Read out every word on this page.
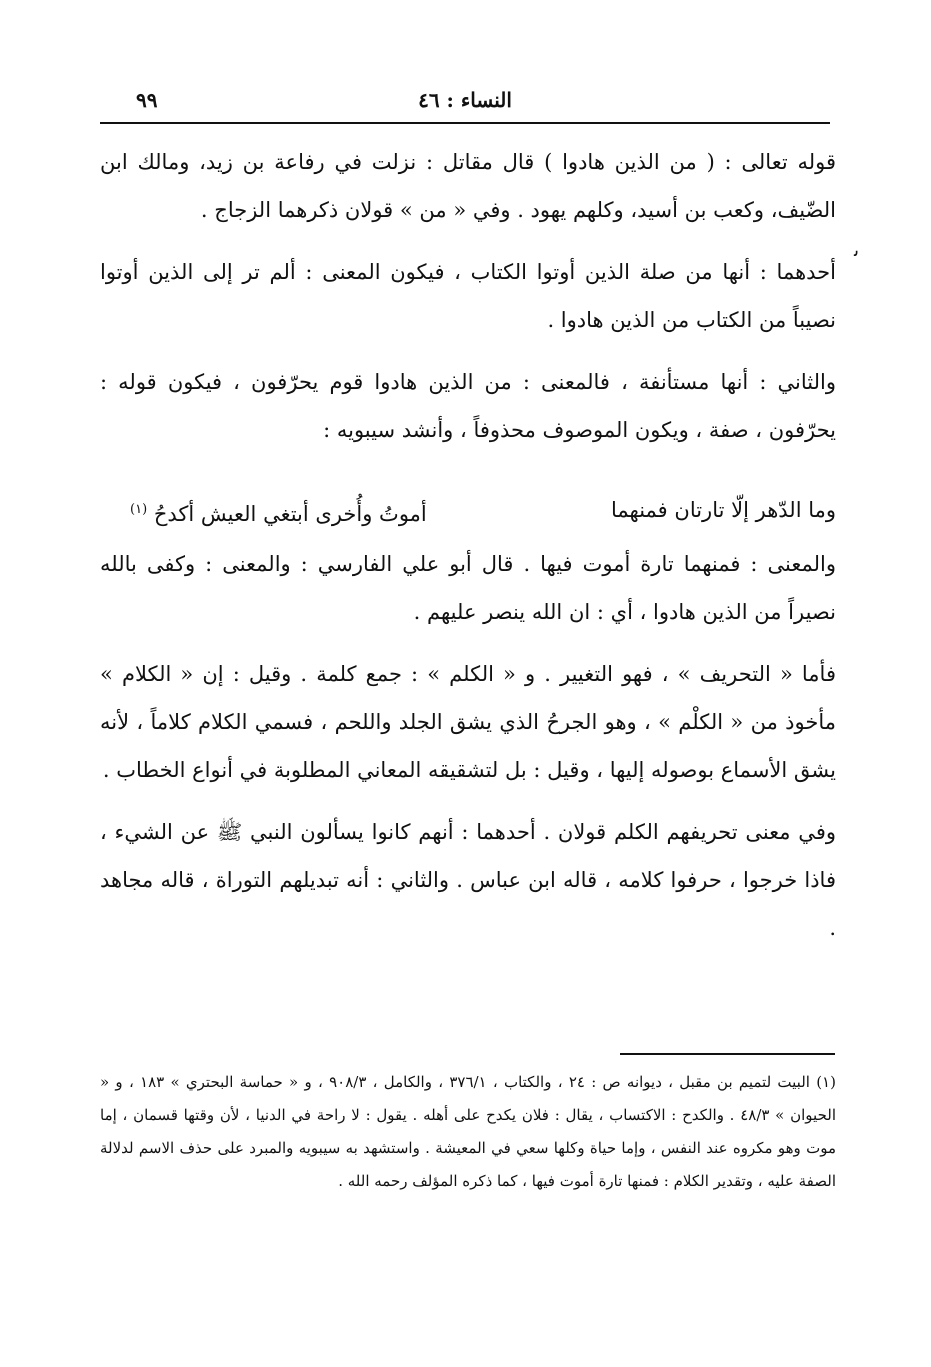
٩٩	النساء : ٤٦
ﯨ

قوله تعالى : ( من الذين هادوا ) قال مقاتل : نزلت في رفاعة بن زيد، ومالك ابن الضّيف، وكعب بن أسيد، وكلهم يهود . وفي « من » قولان ذكرهما الزجاج .

أحدهما : أنها من صلة الذين أوتوا الكتاب ، فيكون المعنى : ألم تر إلى الذين أوتوا نصيباً من الكتاب من الذين هادوا .

والثاني : أنها مستأنفة ، فالمعنى : من الذين هادوا قوم يحرّفون ، فيكون قوله : يحرّفون ، صفة ، ويكون الموصوف محذوفاً ، وأنشد سيبويه :

وما الدّهر إلّا تارتان فمنهما
أموتُ وأُخرى أبتغي العيش أكدحُ $^{(١)}$

والمعنى : فمنهما تارة أموت فيها . قال أبو علي الفارسي : والمعنى : وكفى بالله نصيراً من الذين هادوا ، أي : ان الله ينصر عليهم .

فأما « التحريف » ، فهو التغيير . و « الكلم » : جمع كلمة . وقيل : إن « الكلام » مأخوذ من « الكلْم » ، وهو الجرحُ الذي يشق الجلد واللحم ، فسمي الكلام كلاماً ، لأنه يشق الأسماع بوصوله إليها ، وقيل : بل لتشقيقه المعاني المطلوبة في أنواع الخطاب .

وفي معنى تحريفهم الكلم قولان . أحدهما : أنهم كانوا يسألون النبي ﷺ عن الشيء ، فاذا خرجوا ، حرفوا كلامه ، قاله ابن عباس . والثاني : أنه تبديلهم التوراة ، قاله مجاهد .

(١) البيت لتميم بن مقبل ، ديوانه ص : ٢٤ ، والكتاب ، ٣٧٦/١ ، والكامل ، ٩٠٨/٣ ، و « حماسة البحتري » ١٨٣ ، و « الحيوان » ٤٨/٣ . والكدح : الاكتساب ، يقال : فلان يكدح على أهله . يقول : لا راحة في الدنيا ، لأن وقتها قسمان ، إما موت وهو مكروه عند النفس ، وإما حياة وكلها سعي في المعيشة . واستشهد به سيبويه والمبرد على حذف الاسم لدلالة الصفة عليه ، وتقدير الكلام : فمنها تارة أموت فيها ، كما ذكره المؤلف رحمه الله .
